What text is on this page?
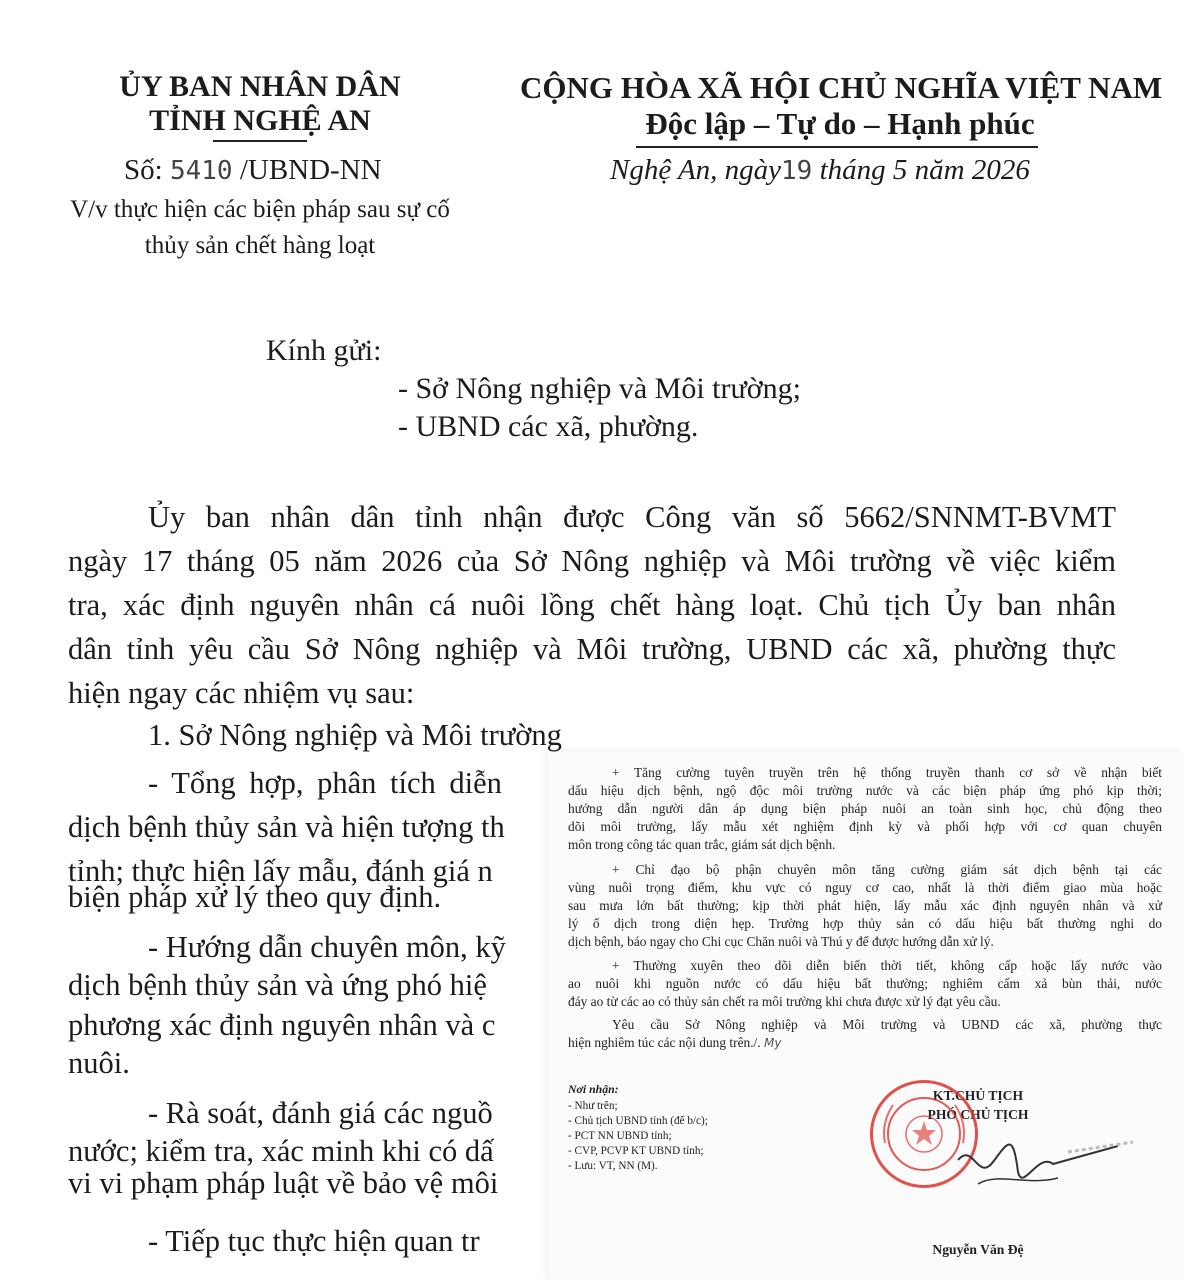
ỦY BAN NHÂN DÂN
TỈNH NGHỆ AN
CỘNG HÒA XÃ HỘI CHỦ NGHĨA VIỆT NAM
Độc lập – Tự do – Hạnh phúc
Số: 5410 /UBND-NN	Nghệ An, ngày19 tháng 5 năm 2026
V/v thực hiện các biện pháp sau sự cố
thủy sản chết hàng loạt
Kính gửi:
- Sở Nông nghiệp và Môi trường;
- UBND các xã, phường.
Ủy ban nhân dân tỉnh nhận được Công văn số 5662/SNNMT-BVMT
ngày 17 tháng 05 năm 2026 của Sở Nông nghiệp và Môi trường về việc kiểm
tra, xác định nguyên nhân cá nuôi lồng chết hàng loạt. Chủ tịch Ủy ban nhân
dân tỉnh yêu cầu Sở Nông nghiệp và Môi trường, UBND các xã, phường thực
hiện ngay các nhiệm vụ sau:
1. Sở Nông nghiệp và Môi trường
- Tổng hợp, phân tích diễn
dịch bệnh thủy sản và hiện tượng th
tỉnh; thực hiện lấy mẫu, đánh giá n
biện pháp xử lý theo quy định.
- Hướng dẫn chuyên môn, kỹ
dịch bệnh thủy sản và ứng phó hiệ
phương xác định nguyên nhân và c
nuôi.
- Rà soát, đánh giá các nguồ
nước; kiểm tra, xác minh khi có dấ
vi vi phạm pháp luật về bảo vệ môi
- Tiếp tục thực hiện quan tr
+ Tăng cường tuyên truyền trên hệ thống truyền thanh cơ sở về nhận biết
dấu hiệu dịch bệnh, ngộ độc môi trường nước và các biện pháp ứng phó kịp thời;
hướng dẫn người dân áp dụng biện pháp nuôi an toàn sinh học, chủ động theo
dõi môi trường, lấy mẫu xét nghiệm định kỳ và phối hợp với cơ quan chuyên
môn trong công tác quan trắc, giám sát dịch bệnh.
+ Chỉ đạo bộ phận chuyên môn tăng cường giám sát dịch bệnh tại các
vùng nuôi trọng điểm, khu vực có nguy cơ cao, nhất là thời điểm giao mùa hoặc
sau mưa lớn bất thường; kịp thời phát hiện, lấy mẫu xác định nguyên nhân và xử
lý ổ dịch trong diện hẹp. Trường hợp thủy sản có dấu hiệu bất thường nghi do
dịch bệnh, báo ngay cho Chi cục Chăn nuôi và Thú y để được hướng dẫn xử lý.
+ Thường xuyên theo dõi diễn biến thời tiết, không cấp hoặc lấy nước vào
ao nuôi khi nguồn nước có dấu hiệu bất thường; nghiêm cấm xả bùn thải, nước
đáy ao từ các ao có thủy sản chết ra môi trường khi chưa được xử lý đạt yêu cầu.
Yêu cầu Sở Nông nghiệp và Môi trường và UBND các xã, phường thực
hiện nghiêm túc các nội dung trên./. My
Nơi nhận:
- Như trên;
- Chủ tịch UBND tỉnh (để b/c);
- PCT NN UBND tỉnh;
- CVP, PCVP KT UBND tỉnh;
- Lưu: VT, NN (M).
KT.CHỦ TỊCH
PHÓ CHỦ TỊCH
Nguyễn Văn Đệ
